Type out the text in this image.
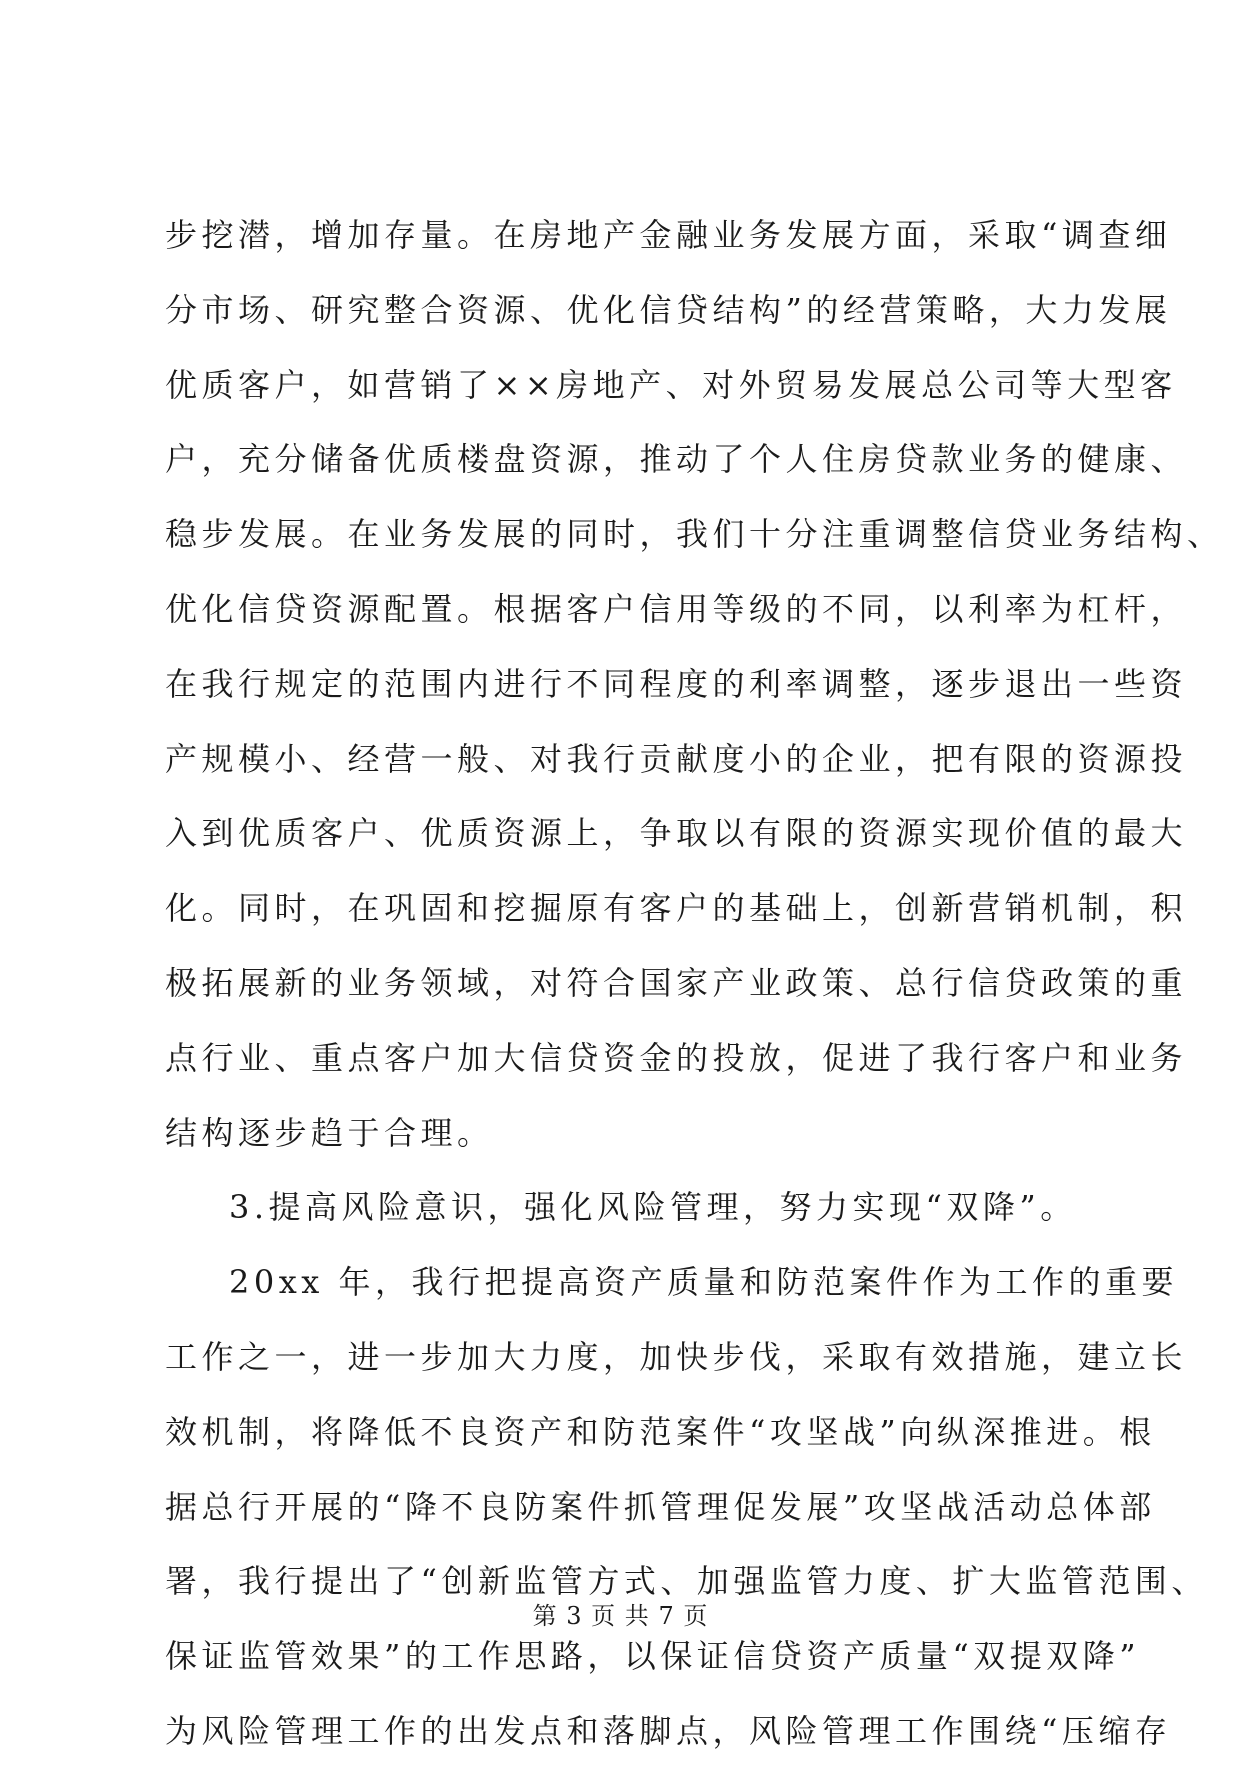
步挖潜，增加存量。在房地产金融业务发展方面，采取“调查细
分市场、研究整合资源、优化信贷结构”的经营策略，大力发展
优质客户，如营销了××房地产、对外贸易发展总公司等大型客
户，充分储备优质楼盘资源，推动了个人住房贷款业务的健康、
稳步发展。在业务发展的同时，我们十分注重调整信贷业务结构、
优化信贷资源配置。根据客户信用等级的不同，以利率为杠杆，
在我行规定的范围内进行不同程度的利率调整，逐步退出一些资
产规模小、经营一般、对我行贡献度小的企业，把有限的资源投
入到优质客户、优质资源上，争取以有限的资源实现价值的最大
化。同时，在巩固和挖掘原有客户的基础上，创新营销机制，积
极拓展新的业务领域，对符合国家产业政策、总行信贷政策的重
点行业、重点客户加大信贷资金的投放，促进了我行客户和业务
结构逐步趋于合理。
3.提高风险意识，强化风险管理，努力实现“双降”。
20xx 年，我行把提高资产质量和防范案件作为工作的重要
工作之一，进一步加大力度，加快步伐，采取有效措施，建立长
效机制，将降低不良资产和防范案件“攻坚战”向纵深推进。根
据总行开展的“降不良防案件抓管理促发展”攻坚战活动总体部
署，我行提出了“创新监管方式、加强监管力度、扩大监管范围、
保证监管效果”的工作思路，以保证信贷资产质量“双提双降”
为风险管理工作的出发点和落脚点，风险管理工作围绕“压缩存
第 3 页 共 7 页
